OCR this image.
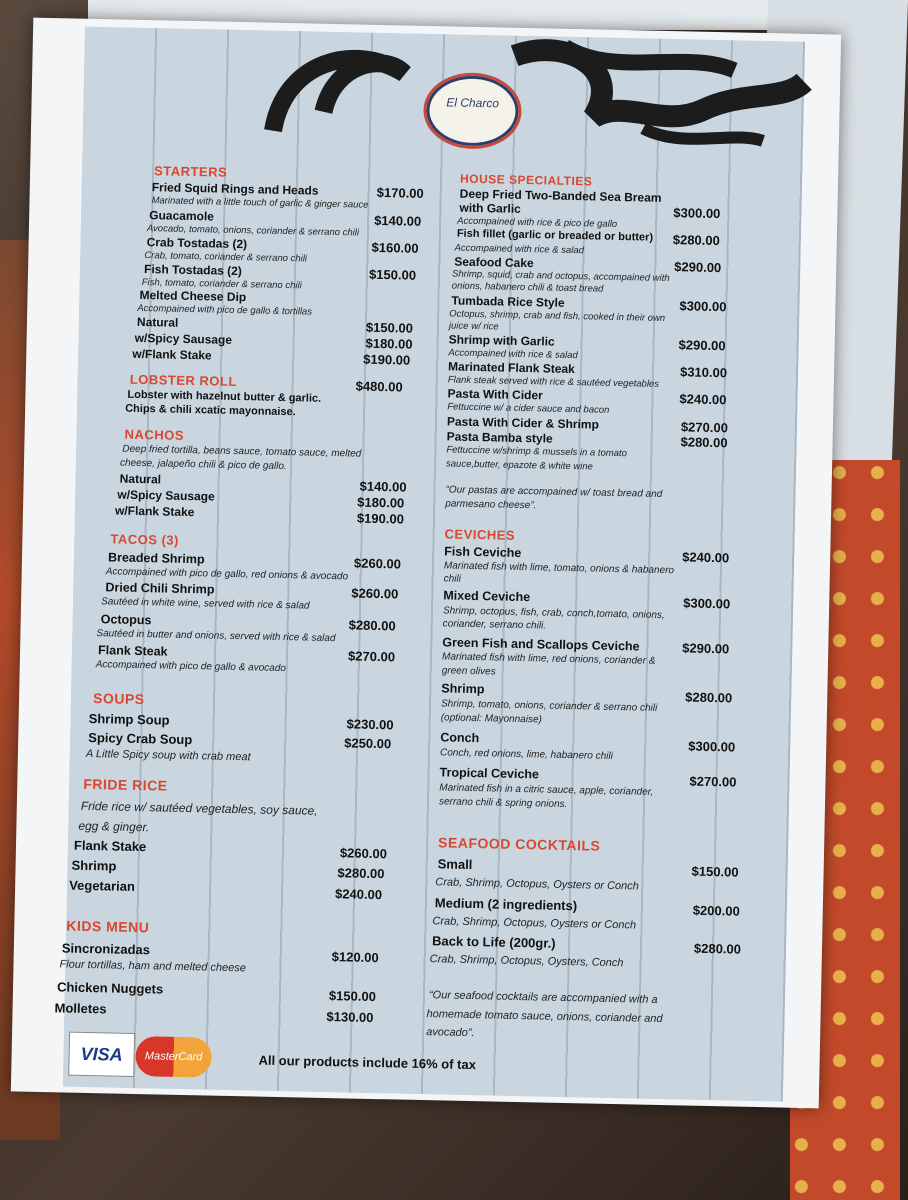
El Charco
STARTERS
Fried Squid Rings and Heads	$170.00
Marinated with a little touch of garlic & ginger sauce
Guacamole	$140.00
Avocado, tomato, onions, coriander & serrano chili
Crab Tostadas (2)	$160.00
Crab, tomato, coriander & serrano chili
Fish Tostadas (2)	$150.00
Fish, tomato, coriander & serrano chili
Melted Cheese Dip
Accompained with pico de gallo & tortillas
Natural	$150.00
w/Spicy Sausage	$180.00
w/Flank Stake	$190.00
LOBSTER ROLL	$480.00
Lobster with hazelnut butter & garlic.
Chips & chili xcatic mayonnaise.
NACHOS
Deep fried tortilla, beans sauce, tomato sauce, melted
cheese, jalapeño chili & pico de gallo.
Natural	$140.00
w/Spicy Sausage	$180.00
w/Flank Stake	$190.00
TACOS (3)
Breaded Shrimp	$260.00
Accompained with pico de gallo, red onions & avocado
Dried Chili Shrimp	$260.00
Sautéed in white wine, served with rice & salad
Octopus	$280.00
Sautéed in butter and onions, served with rice & salad
Flank Steak	$270.00
Accompained with pico de gallo & avocado
SOUPS
Shrimp Soup	$230.00
Spicy Crab Soup	$250.00
A Little Spicy soup with crab meat
FRIDE RICE
Fride rice w/ sautéed vegetables, soy sauce,
egg & ginger.
Flank Stake	$260.00
Shrimp	$280.00
Vegetarian
$240.00
KIDS MENU
Sincronizadas	$120.00
Flour tortillas, ham and melted cheese
Chicken Nuggets	$150.00
Molletes
$130.00
HOUSE SPECIALTIES
Deep Fried Two-Banded Sea Bream
with Garlic	$300.00
Accompained with rice & pico de gallo
Fish fillet (garlic or breaded or butter) $280.00
Accompained with rice & salad
Seafood Cake	$290.00
Shrimp, squid, crab and octopus, accompained with
onions, habanero chili & toast bread
Tumbada Rice Style	$300.00
Octopus, shrimp, crab and fish, cooked in their own
juice w/ rice
Shrimp with Garlic	$290.00
Accompained with rice & salad
Marinated Flank Steak	$310.00
Flank steak served with rice & sautéed vegetables
Pasta With Cider	$240.00
Fettuccine w/ a cider sauce and bacon
Pasta With Cider & Shrimp	$270.00
Pasta Bamba style	$280.00
Fettuccine w/shrimp & mussels in a tomato
sauce,butter, epazote & white wine
“Our pastas are accompained w/ toast bread and
parmesano cheese”.
CEVICHES
Fish Ceviche	$240.00
Marinated fish with lime, tomato, onions & habanero
chili
Mixed Ceviche	$300.00
Shrimp, octopus, fish, crab, conch,tomato, onions,
coriander, serrano chili.
Green Fish and Scallops Ceviche	$290.00
Marinated fish with lime, red onions, coriander &
green olives
Shrimp
$280.00
Shrimp, tomato, onions, coriander & serrano chili
(optional: Mayonnaise)
Conch
$300.00
Conch, red onions, lime, habanero chili
Tropical Ceviche
$270.00
Marinated fish in a citric sauce, apple, coriander,
serrano chili & spring onions.
SEAFOOD COCKTAILS
Small	$150.00
Crab, Shrimp, Octopus, Oysters or Conch
Medium (2 ingredients)	$200.00
Crab, Shrimp, Octopus, Oysters or Conch
Back to Life (200gr.)	$280.00
Crab, Shrimp, Octopus, Oysters, Conch
“Our seafood cocktails are accompanied with a
homemade tomato sauce, onions, coriander and
avocado”.
VISA	MasterCard	All our products include 16% of tax
